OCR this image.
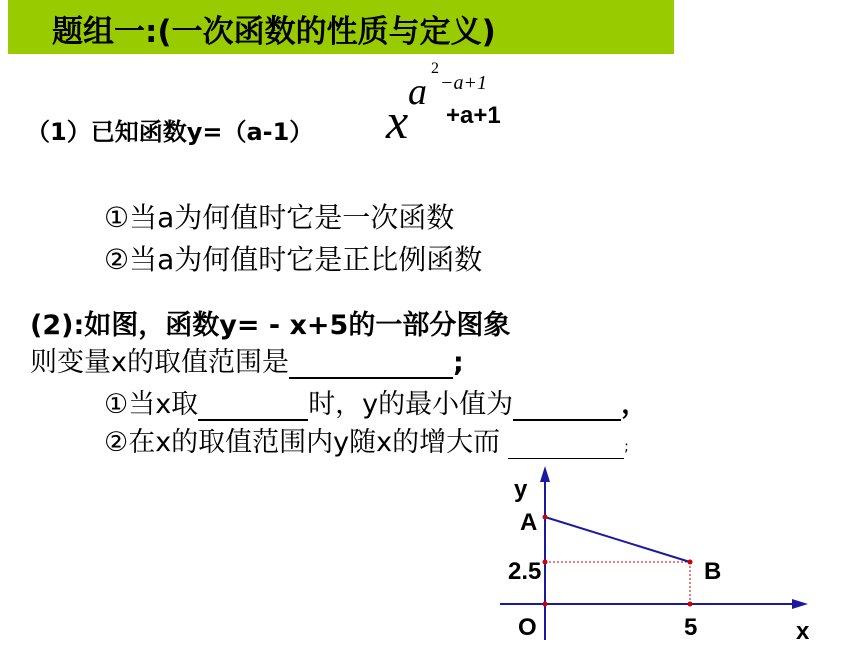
题组一:(一次函数的性质与定义)
（1）已知函数y=（a-1） x
a
2
−a+1
+a+1
①当a为何值时它是一次函数
②当a为何值时它是正比例函数
(2):如图，函数y= - x+5的一部分图象
则变量x的取值范围是	;
①当x取	时，y的最小值为	，
②在x的取值范围内y随x的增大而	;
y
A
2.5	B
O	5	x
